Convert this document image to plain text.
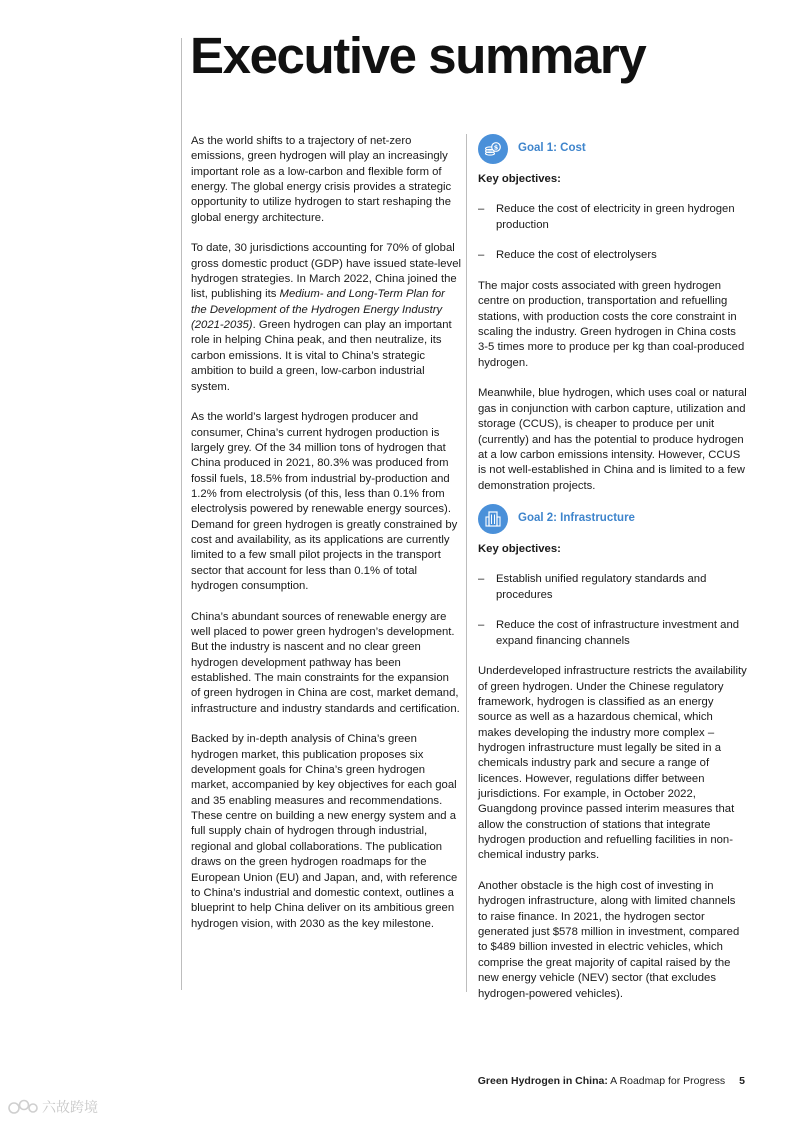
Executive summary

As the world shifts to a trajectory of net-zero emissions, green hydrogen will play an increasingly important role as a low-carbon and flexible form of energy. The global energy crisis provides a strategic opportunity to utilize hydrogen to start reshaping the global energy architecture.

To date, 30 jurisdictions accounting for 70% of global gross domestic product (GDP) have issued state-level hydrogen strategies. In March 2022, China joined the list, publishing its Medium- and Long-Term Plan for the Development of the Hydrogen Energy Industry (2021-2035). Green hydrogen can play an important role in helping China peak, and then neutralize, its carbon emissions. It is vital to China’s strategic ambition to build a green, low-carbon industrial system.

As the world’s largest hydrogen producer and consumer, China’s current hydrogen production is largely grey. Of the 34 million tons of hydrogen that China produced in 2021, 80.3% was produced from fossil fuels, 18.5% from industrial by-production and 1.2% from electrolysis (of this, less than 0.1% from electrolysis powered by renewable energy sources). Demand for green hydrogen is greatly constrained by cost and availability, as its applications are currently limited to a few small pilot projects in the transport sector that account for less than 0.1% of total hydrogen consumption.

China’s abundant sources of renewable energy are well placed to power green hydrogen’s development. But the industry is nascent and no clear green hydrogen development pathway has been established. The main constraints for the expansion of green hydrogen in China are cost, market demand, infrastructure and industry standards and certification.

Backed by in-depth analysis of China’s green hydrogen market, this publication proposes six development goals for China’s green hydrogen market, accompanied by key objectives for each goal and 35 enabling measures and recommendations. These centre on building a new energy system and a full supply chain of hydrogen through industrial, regional and global collaborations. The publication draws on the green hydrogen roadmaps for the European Union (EU) and Japan, and, with reference to China’s industrial and domestic context, outlines a blueprint to help China deliver on its ambitious green hydrogen vision, with 2030 as the key milestone.

$ Goal 1: Cost
Key objectives:
– Reduce the cost of electricity in green hydrogen production
– Reduce the cost of electrolysers

The major costs associated with green hydrogen centre on production, transportation and refuelling stations, with production costs the core constraint in scaling the industry. Green hydrogen in China costs 3-5 times more to produce per kg than coal-produced hydrogen.

Meanwhile, blue hydrogen, which uses coal or natural gas in conjunction with carbon capture, utilization and storage (CCUS), is cheaper to produce per unit (currently) and has the potential to produce hydrogen at a low carbon emissions intensity. However, CCUS is not well-established in China and is limited to a few demonstration projects.

Goal 2: Infrastructure
Key objectives:
– Establish unified regulatory standards and procedures
– Reduce the cost of infrastructure investment and expand financing channels

Underdeveloped infrastructure restricts the availability of green hydrogen. Under the Chinese regulatory framework, hydrogen is classified as an energy source as well as a hazardous chemical, which makes developing the industry more complex – hydrogen infrastructure must legally be sited in a chemicals industry park and secure a range of licences. However, regulations differ between jurisdictions. For example, in October 2022, Guangdong province passed interim measures that allow the construction of stations that integrate hydrogen production and refuelling facilities in non-chemical industry parks.

Another obstacle is the high cost of investing in hydrogen infrastructure, along with limited channels to raise finance. In 2021, the hydrogen sector generated just $578 million in investment, compared to $489 billion invested in electric vehicles, which comprise the great majority of capital raised by the new energy vehicle (NEV) sector (that excludes hydrogen-powered vehicles).

Green Hydrogen in China: A Roadmap for Progress 5
六故跨境
